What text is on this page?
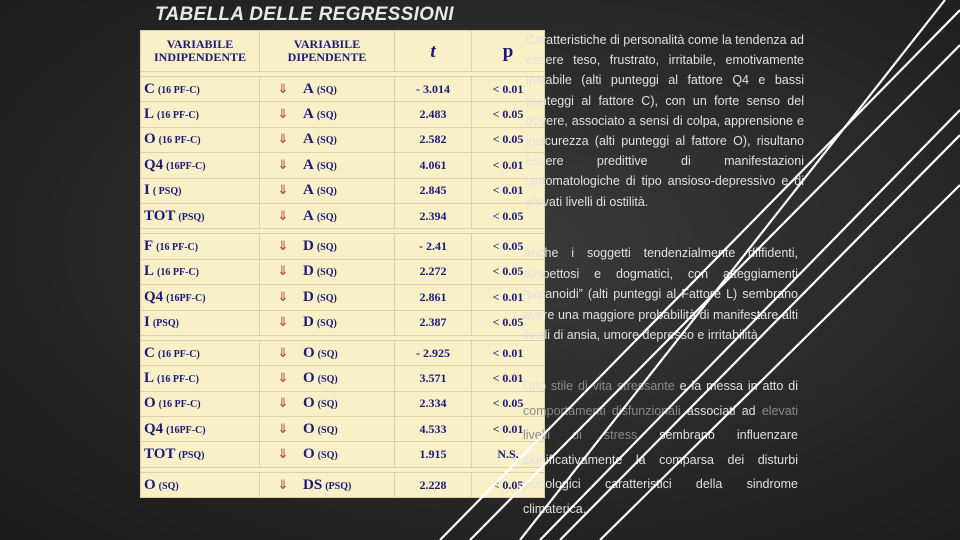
TABELLA DELLE REGRESSIONI
VARIABILE INDIPENDENTE	VARIABILE DIPENDENTE	t	p

C (16 PF-C)	⇓ A (SQ)	- 3.014	< 0.01
L (16 PF-C)	⇓ A (SQ)	2.483	< 0.05
O (16 PF-C)	⇓ A (SQ)	2.582	< 0.05
Q4 (16PF-C)	⇓ A (SQ)	4.061	< 0.01
I ( PSQ)	⇓ A (SQ)	2.845	< 0.01
TOT (PSQ)	⇓ A (SQ)	2.394	< 0.05

F (16 PF-C)	⇓ D (SQ)	- 2.41	< 0.05
L (16 PF-C)	⇓ D (SQ)	2.272	< 0.05
Q4 (16PF-C)	⇓ D (SQ)	2.861	< 0.01
I (PSQ)	⇓ D (SQ)	2.387	< 0.05

C (16 PF-C)	⇓ O (SQ)	- 2.925	< 0.01
L (16 PF-C)	⇓ O (SQ)	3.571	< 0.01
O (16 PF-C)	⇓ O (SQ)	2.334	< 0.05
Q4 (16PF-C)	⇓ O (SQ)	4.533	< 0.01
TOT (PSQ)	⇓ O (SQ)	1.915	N.S.

O (SQ)	⇓ DS (PSQ)	2.228	< 0.05

Caratteristiche di personalità come la tendenza ad essere teso, frustrato, irritabile, emotivamente instabile (alti punteggi al fattore Q4 e bassi punteggi al fattore C), con un forte senso del dovere, associato a sensi di colpa, apprensione e insicurezza (alti punteggi al fattore O), risultano essere predittive di manifestazioni sintomatologiche di tipo ansioso-depressivo e di elevati livelli di ostilità.

Anche i soggetti tendenzialmente diffidenti, sospettosi e dogmatici, con atteggiamenti “paranoidi” (alti punteggi al Fattore L) sembrano avere una maggiore probabilità di manifestare alti livelli di ansia, umore depresso e irritabilità.

Uno stile di vita stressante e la messa in atto di comportamenti disfunzionali associati ad elevati livelli di stress sembrano influenzare significativamente la comparsa dei disturbi psicologici caratteristici della sindrome climaterica.
